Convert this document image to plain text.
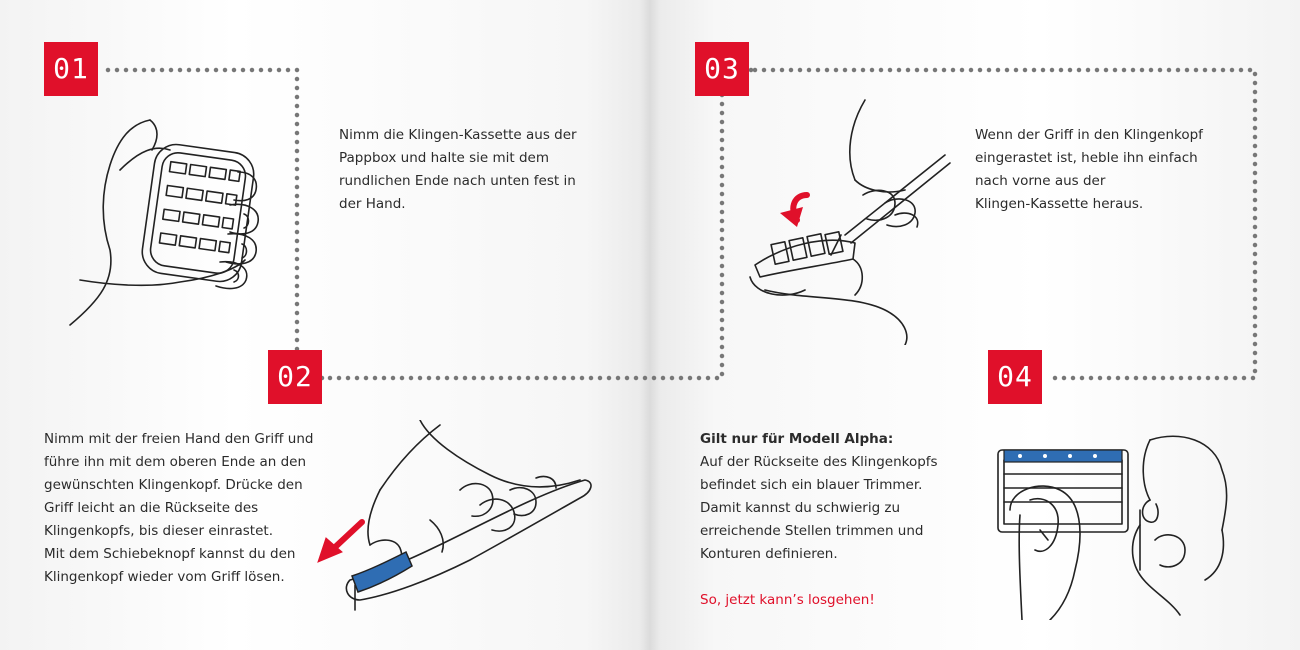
01
02
03
04
Nimm die Klingen-Kassette aus der
Pappbox und halte sie mit dem
rundlichen Ende nach unten fest in
der Hand.
Nimm mit der freien Hand den Griff und
führe ihn mit dem oberen Ende an den
gewünschten Klingenkopf. Drücke den
Griff leicht an die Rückseite des
Klingenkopfs, bis dieser einrastet.
Mit dem Schiebeknopf kannst du den
Klingenkopf wieder vom Griff lösen.
Wenn der Griff in den Klingenkopf
eingerastet ist, heble ihn einfach
nach vorne aus der
Klingen-Kassette heraus.
Gilt nur für Modell Alpha:
Auf der Rückseite des Klingenkopfs
befindet sich ein blauer Trimmer.
Damit kannst du schwierig zu
erreichende Stellen trimmen und
Konturen definieren.
So, jetzt kann’s losgehen!
